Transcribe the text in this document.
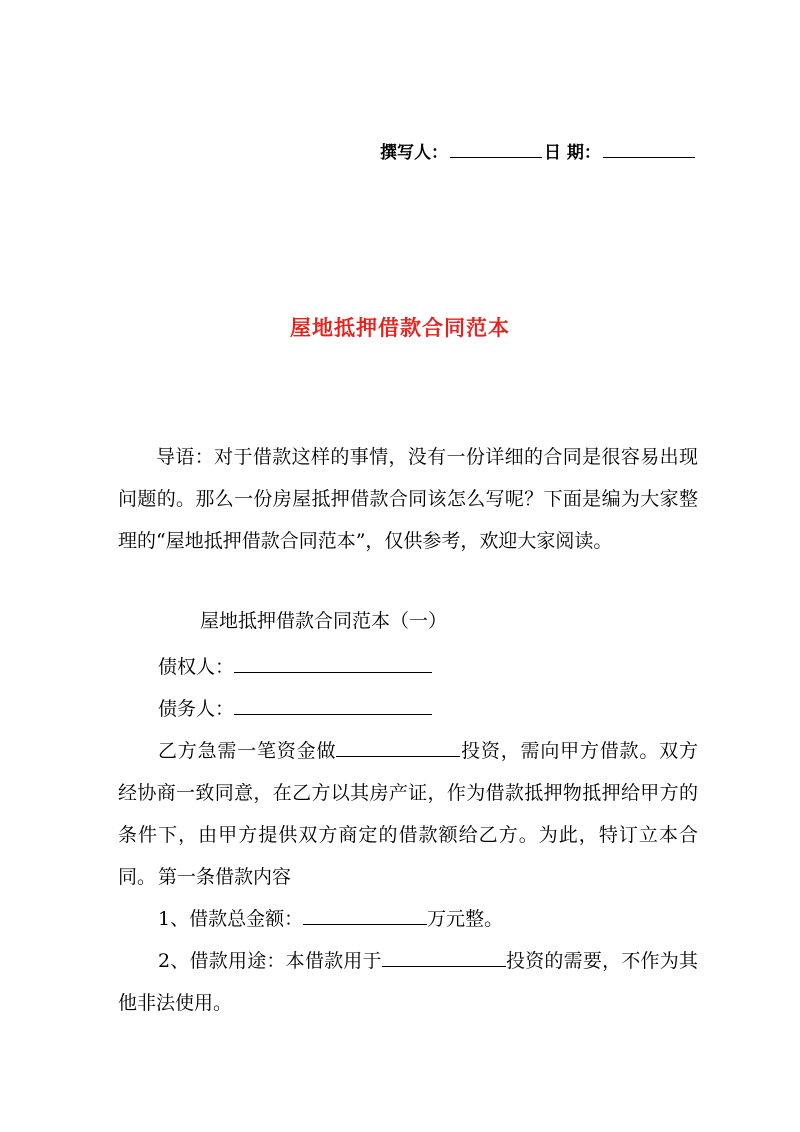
撰写人：	日 期：
屋地抵押借款合同范本
导语：对于借款这样的事情，没有一份详细的合同是很容易出现问题的。那么一份房屋抵押借款合同该怎么写呢？下面是编为大家整理的“屋地抵押借款合同范本”，仅供参考，欢迎大家阅读。
屋地抵押借款合同范本（一）
债权人：
债务人：
乙方急需一笔资金做	投资，需向甲方借款。双方经协商一致同意，在乙方以其房产证，作为借款抵押物抵押给甲方的条件下，由甲方提供双方商定的借款额给乙方。为此，特订立本合同。 第一条借款内容
1、借款总金额：	万元整。
2、借款用途：本借款用于	投资的需要，不作为其他非法使用。
